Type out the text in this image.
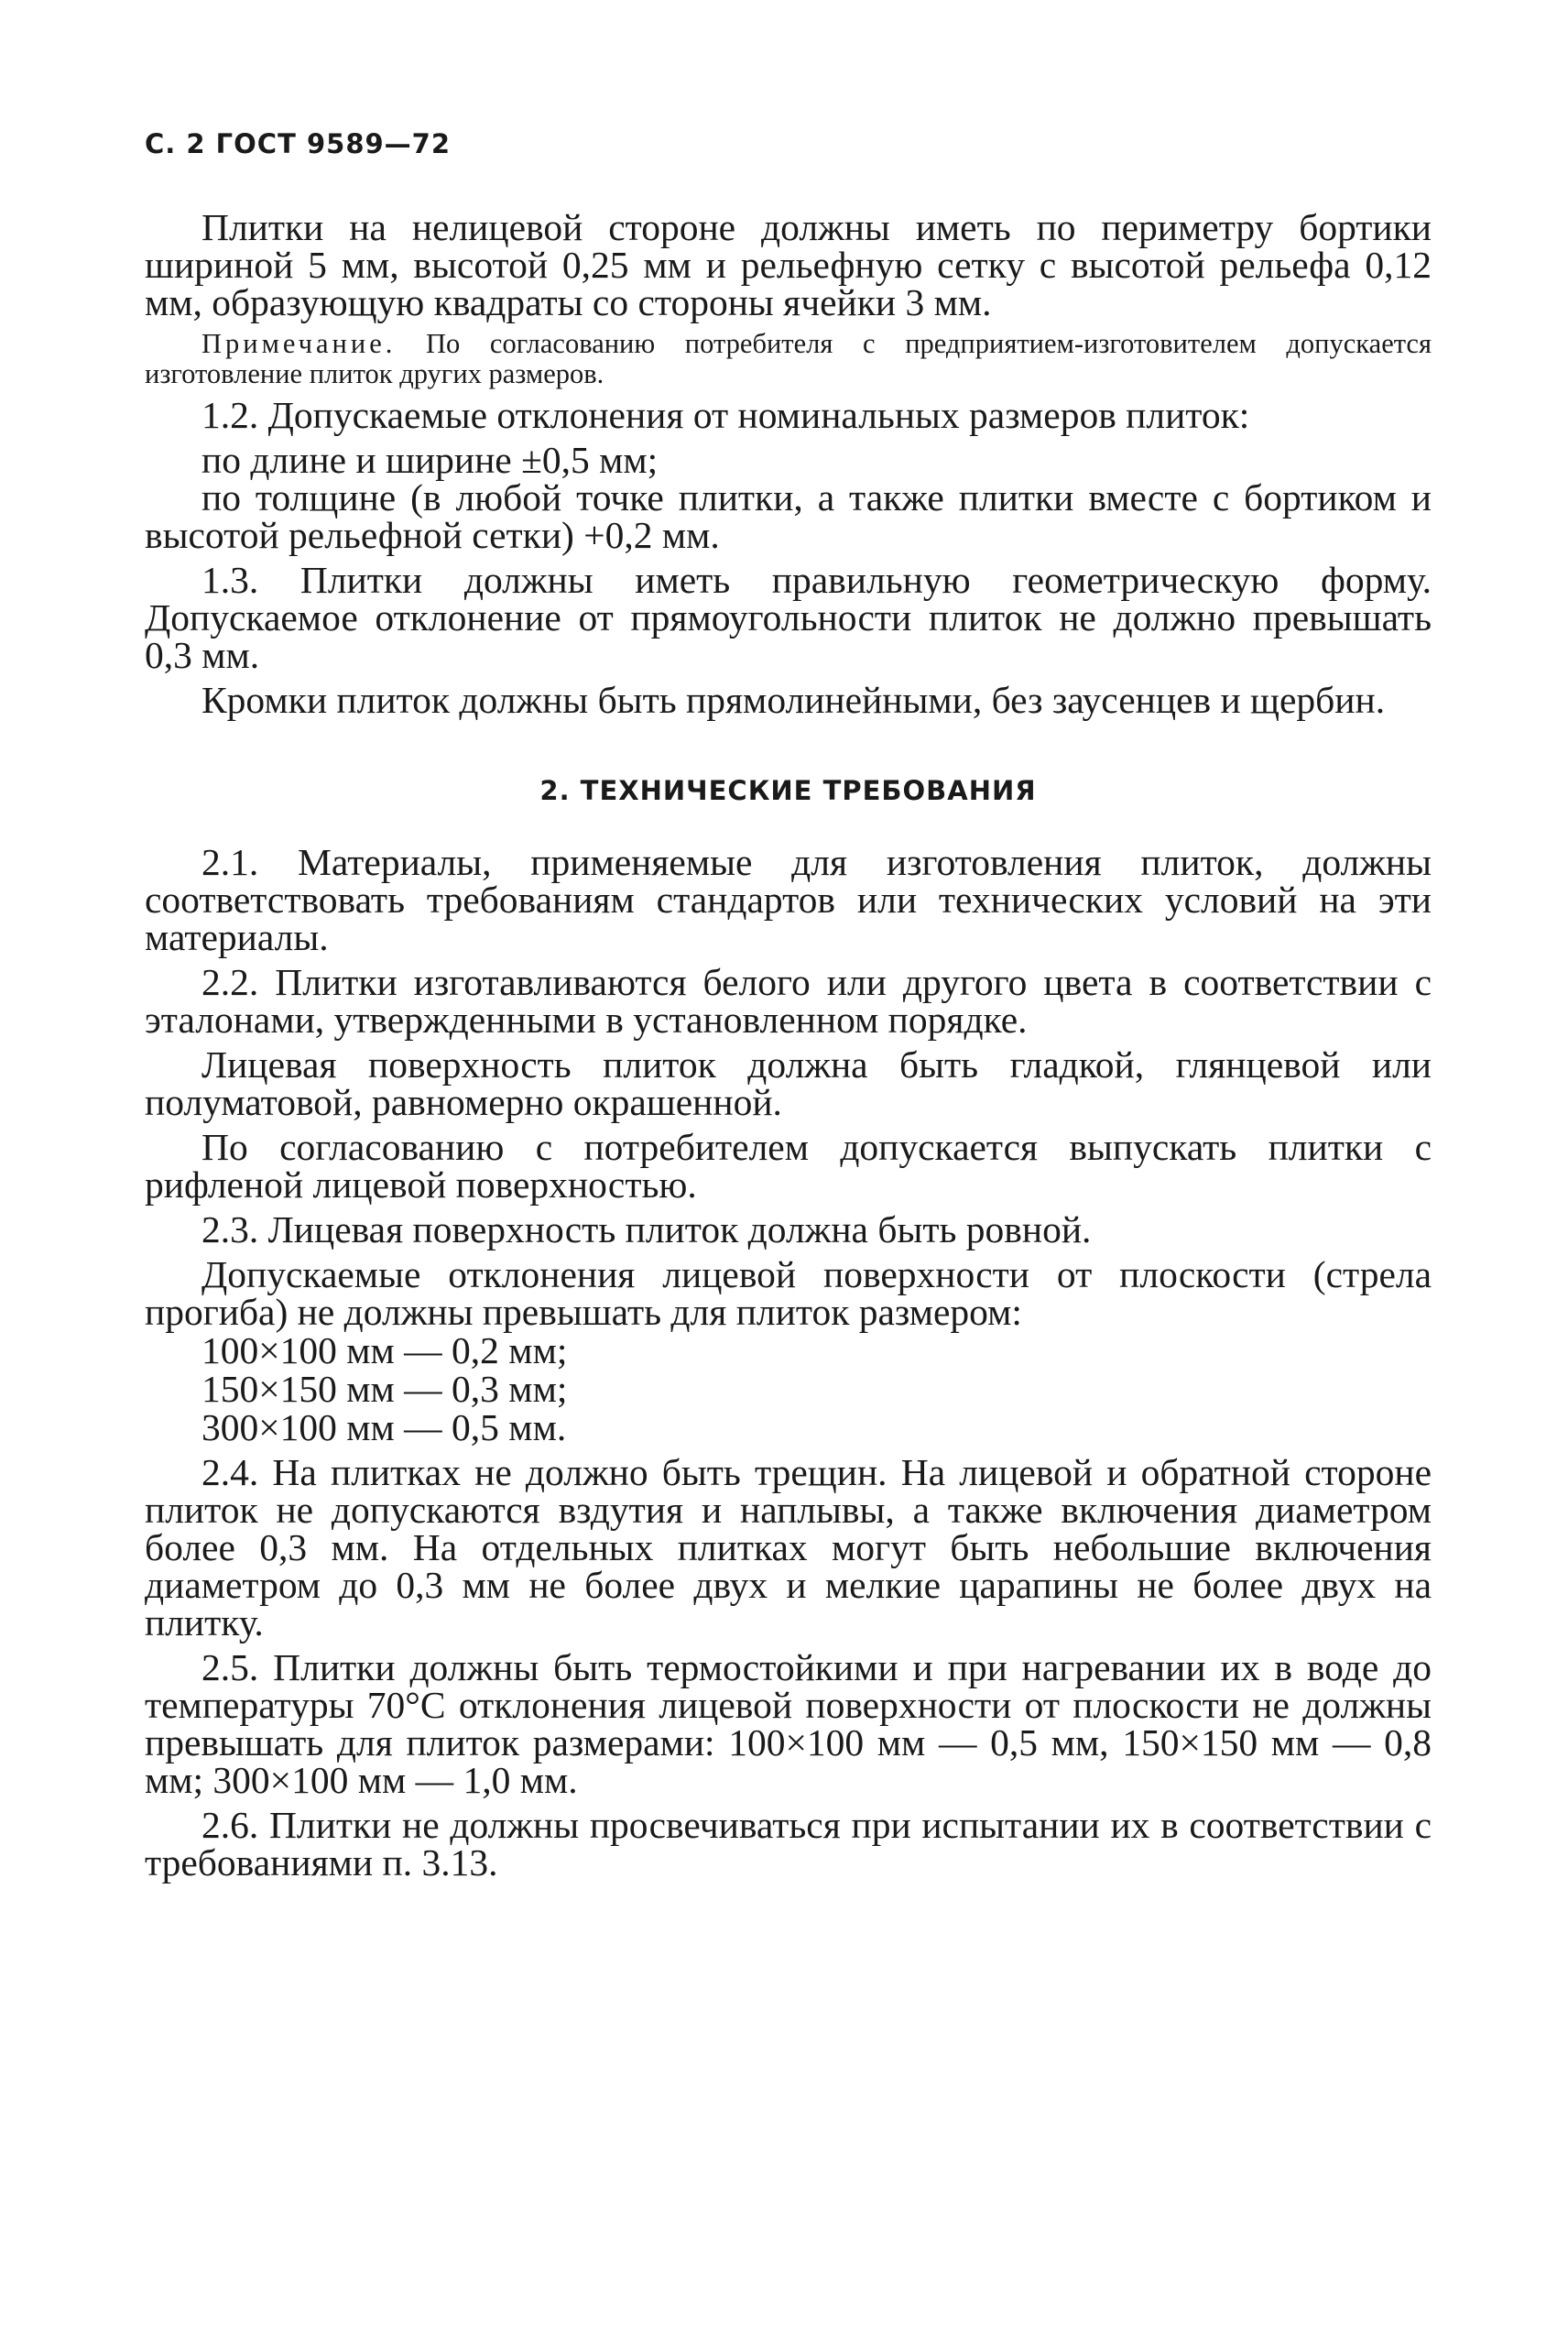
С. 2 ГОСТ 9589—72

Плитки на нелицевой стороне должны иметь по периметру бортики шириной 5 мм, высотой 0,25 мм и рельефную сетку с высотой рельефа 0,12 мм, образующую квадраты со стороны ячейки 3 мм.

Примечание. По согласованию потребителя с предприятием-изготовителем допускается изготовление плиток других размеров.

1.2. Допускаемые отклонения от номинальных размеров плиток:

по длине и ширине ±0,5 мм;

по толщине (в любой точке плитки, а также плитки вместе с бортиком и высотой рельефной сетки) +0,2 мм.

1.3. Плитки должны иметь правильную геометрическую форму. Допускаемое отклонение от прямоугольности плиток не должно превышать 0,3 мм.

Кромки плиток должны быть прямолинейными, без заусенцев и щербин.

2. ТЕХНИЧЕСКИЕ ТРЕБОВАНИЯ

2.1. Материалы, применяемые для изготовления плиток, должны соответствовать требованиям стандартов или технических условий на эти материалы.

2.2. Плитки изготавливаются белого или другого цвета в соответствии с эталонами, утвержденными в установленном порядке.

Лицевая поверхность плиток должна быть гладкой, глянцевой или полуматовой, равномерно окрашенной.

По согласованию с потребителем допускается выпускать плитки с рифленой лицевой поверхностью.

2.3. Лицевая поверхность плиток должна быть ровной.

Допускаемые отклонения лицевой поверхности от плоскости (стрела прогиба) не должны превышать для плиток размером:

100×100 мм — 0,2 мм;

150×150 мм — 0,3 мм;

300×100 мм — 0,5 мм.

2.4. На плитках не должно быть трещин. На лицевой и обратной стороне плиток не допускаются вздутия и наплывы, а также включения диаметром более 0,3 мм. На отдельных плитках могут быть небольшие включения диаметром до 0,3 мм не более двух и мелкие царапины не более двух на плитку.

2.5. Плитки должны быть термостойкими и при нагревании их в воде до температуры 70°С отклонения лицевой поверхности от плоскости не должны превышать для плиток размерами: 100×100 мм — 0,5 мм, 150×150 мм — 0,8 мм; 300×100 мм — 1,0 мм.

2.6. Плитки не должны просвечиваться при испытании их в соответствии с требованиями п. 3.13.
